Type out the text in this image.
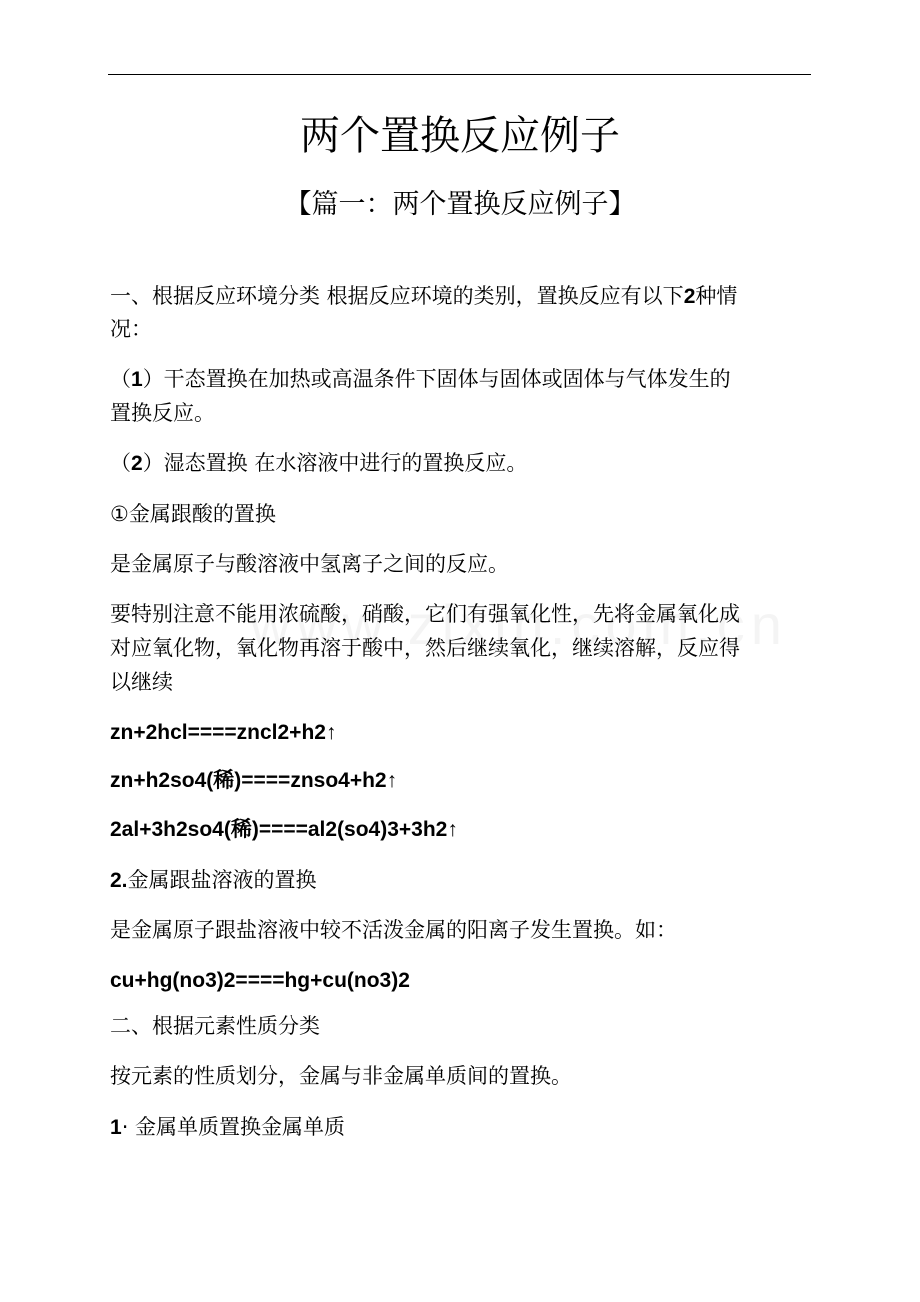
两个置换反应例子
【篇一：两个置换反应例子】
一、根据反应环境分类 根据反应环境的类别，置换反应有以下2种情
况：
（1）干态置换在加热或高温条件下固体与固体或固体与气体发生的
置换反应。
（2）湿态置换 在水溶液中进行的置换反应。
①金属跟酸的置换
是金属原子与酸溶液中氢离子之间的反应。
要特别注意不能用浓硫酸，硝酸，它们有强氧化性，先将金属氧化成
对应氧化物，氧化物再溶于酸中，然后继续氧化，继续溶解，反应得
以继续
zn+2hcl====zncl2+h2↑
zn+h2so4(稀)====znso4+h2↑
2al+3h2so4(稀)====al2(so4)3+3h2↑
2.金属跟盐溶液的置换
是金属原子跟盐溶液中较不活泼金属的阳离子发生置换。如：
cu+hg(no3)2====hg+cu(no3)2
二、根据元素性质分类
按元素的性质划分，金属与非金属单质间的置换。
1· 金属单质置换金属单质
